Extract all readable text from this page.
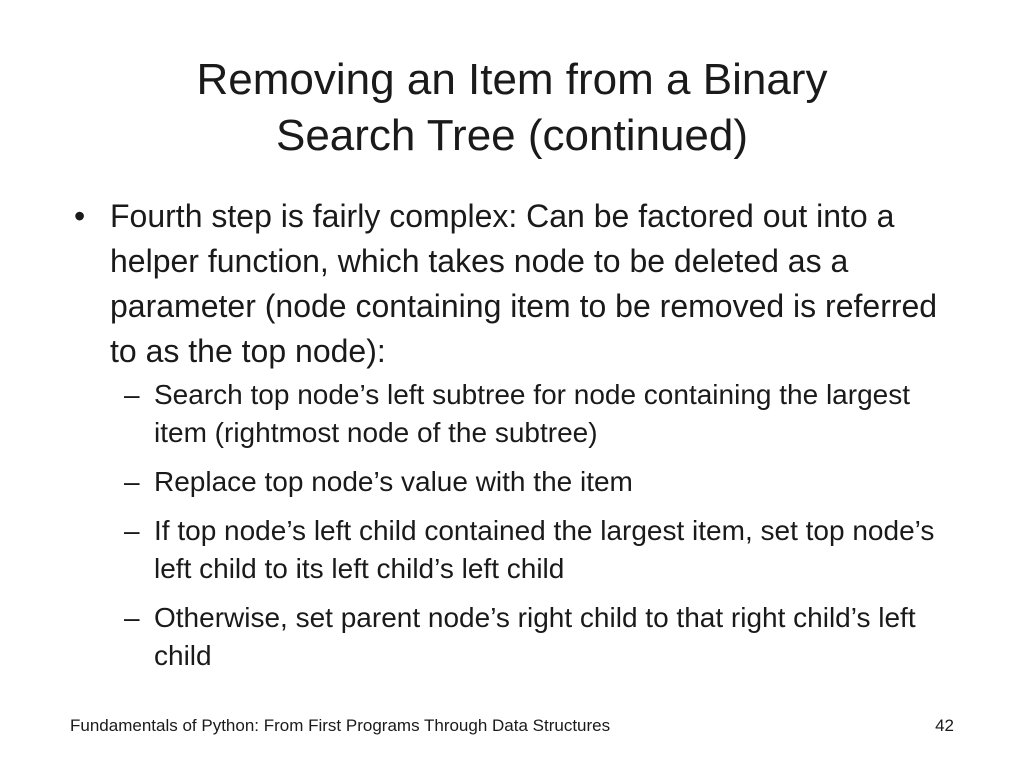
Removing an Item from a Binary
Search Tree (continued)

• Fourth step is fairly complex: Can be factored out into a helper function, which takes node to be deleted as a parameter (node containing item to be removed is referred to as the top node):

– Search top node’s left subtree for node containing the largest item (rightmost node of the subtree)
– Replace top node’s value with the item
– If top node’s left child contained the largest item, set top node’s left child to its left child’s left child
– Otherwise, set parent node’s right child to that right child’s left child
Fundamentals of Python: From First Programs Through Data Structures	42
